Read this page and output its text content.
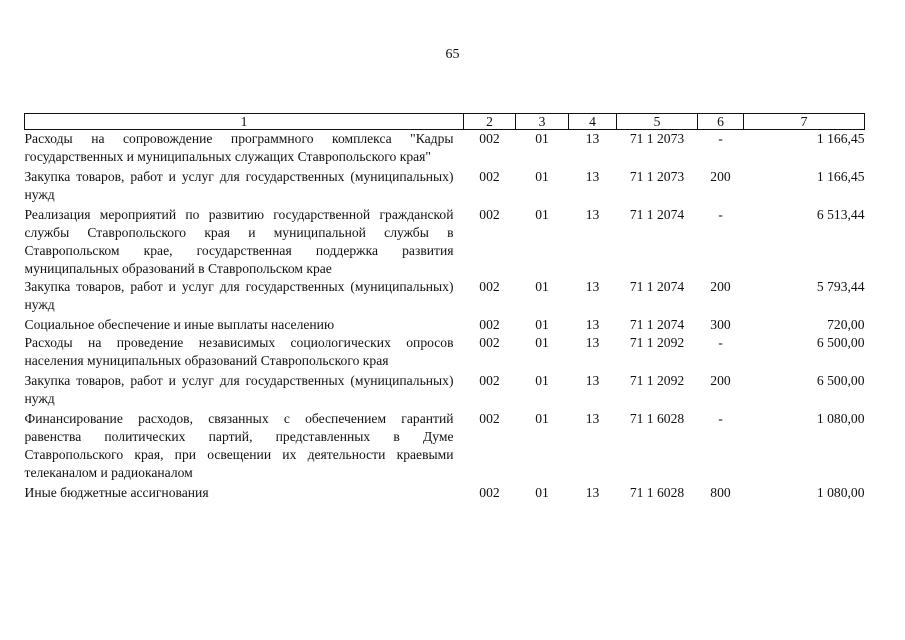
65
1	2	3	4	5	6	7
Расходы на сопровождение программного комплекса "Кадры государственных и муниципальных служащих Ставропольского края"	002	01	13	71 1 2073	-	1 166,45
Закупка товаров, работ и услуг для государственных (муниципальных) нужд	002	01	13	71 1 2073	200	1 166,45
Реализация мероприятий по развитию государственной гражданской службы Ставропольского края и муниципальной службы в Ставропольском крае, государственная поддержка развития муниципальных образований в Ставропольском крае	002	01	13	71 1 2074	-	6 513,44
Закупка товаров, работ и услуг для государственных (муниципальных) нужд	002	01	13	71 1 2074	200	5 793,44
Социальное обеспечение и иные выплаты населению	002	01	13	71 1 2074	300	720,00
Расходы на проведение независимых социологических опросов населения муниципальных образований Ставропольского края	002	01	13	71 1 2092	-	6 500,00
Закупка товаров, работ и услуг для государственных (муниципальных) нужд	002	01	13	71 1 2092	200	6 500,00
Финансирование расходов, связанных с обеспечением гарантий равенства политических партий, представленных в Думе Ставропольского края, при освещении их деятельности краевыми телеканалом и радиоканалом	002	01	13	71 1 6028	-	1 080,00
Иные бюджетные ассигнования	002	01	13	71 1 6028	800	1 080,00
